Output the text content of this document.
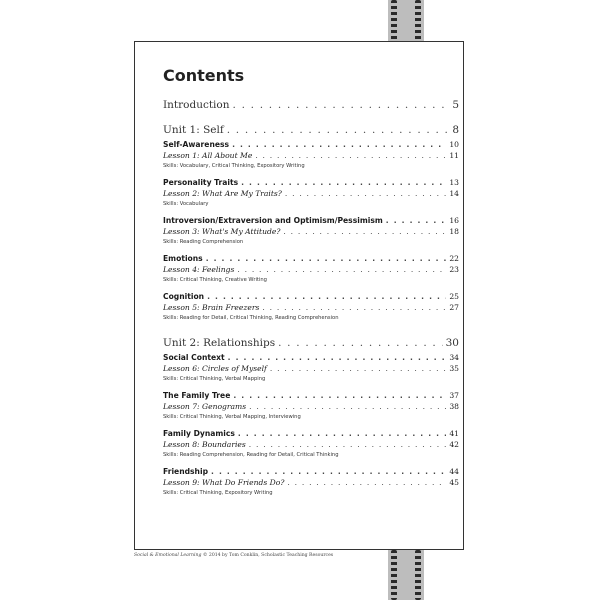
Contents
Introduction . . .	5
Unit 1: Self . . .	8
Self-Awareness . . .	10
Lesson 1: All About Me . . .	11
Skills: Vocabulary, Critical Thinking, Expository Writing
Personality Traits . . .	13
Lesson 2: What Are My Traits? . . .	14
Skills: Vocabulary
Introversion/Extraversion and Optimism/Pessimism . . .	16
Lesson 3: What's My Attitude? . . .	18
Skills: Reading Comprehension
Emotions . . .	22
Lesson 4: Feelings . . .	23
Skills: Critical Thinking, Creative Writing
Cognition . . .	25
Lesson 5: Brain Freezers . . .	27
Skills: Reading for Detail, Critical Thinking, Reading Comprehension
Unit 2: Relationships . . .	30
Social Context . . .	34
Lesson 6: Circles of Myself . . .	35
Skills: Critical Thinking, Verbal Mapping
The Family Tree . . .	37
Lesson 7: Genograms . . .	38
Skills: Critical Thinking, Verbal Mapping, Interviewing
Family Dynamics . . .	41
Lesson 8: Boundaries . . .	42
Skills: Reading Comprehension, Reading for Detail, Critical Thinking
Friendship . . .	44
Lesson 9: What Do Friends Do? . . .	45
Skills: Critical Thinking, Expository Writing
Social & Emotional Learning © 2014 by Tom Conklin, Scholastic Teaching Resources
